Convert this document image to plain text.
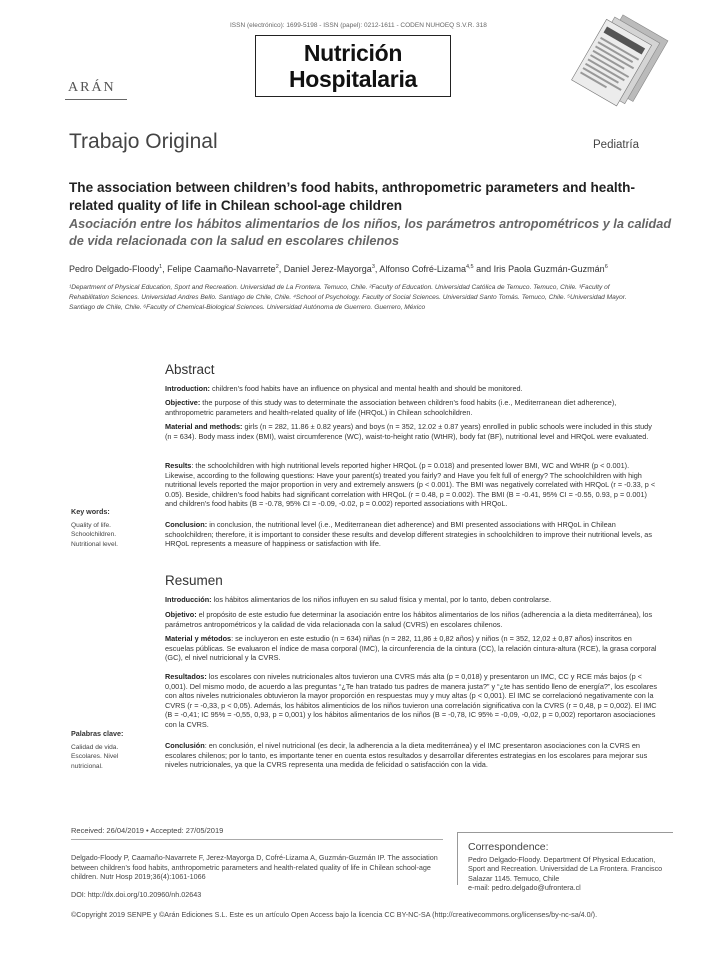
ISSN (electrónico): 1699-5198 - ISSN (papel): 0212-1611 - CODEN NUHOEQ S.V.R. 318
Nutrición
Hospitalaria
ARÁN
Trabajo Original	Pediatría
The association between children’s food habits, anthropometric parameters and health-related quality of life in Chilean school-age children
Asociación entre los hábitos alimentarios de los niños, los parámetros antropométricos y la calidad de vida relacionada con la salud en escolares chilenos
Pedro Delgado-Floody$^1$, Felipe Caamaño-Navarrete$^2$, Daniel Jerez-Mayorga$^3$, Alfonso Cofré-Lizama$^{4,5}$ and Iris Paola Guzmán-Guzmán$^6$
¹Department of Physical Education, Sport and Recreation. Universidad de La Frontera. Temuco, Chile. ²Faculty of Education. Universidad Católica de Temuco. Temuco, Chile. ³Faculty of Rehabilitation Sciences. Universidad Andres Bello. Santiago de Chile, Chile. ⁴School of Psychology. Faculty of Social Sciences. Universidad Santo Tomás. Temuco, Chile. ⁵Universidad Mayor. Santiago de Chile, Chile. ⁶Faculty of Chemical-Biological Sciences. Universidad Autónoma de Guerrero. Guerrero, México
Abstract
Introduction: children’s food habits have an influence on physical and mental health and should be monitored.
Objective: the purpose of this study was to determinate the association between children’s food habits (i.e., Mediterranean diet adherence), anthropometric parameters and health-related quality of life (HRQoL) in Chilean schoolchildren.
Material and methods: girls (n = 282, 11.86 ± 0.82 years) and boys (n = 352, 12.02 ± 0.87 years) enrolled in public schools were included in this study (n = 634). Body mass index (BMI), waist circumference (WC), waist-to-height ratio (WtHR), body fat (BF), nutritional level and HRQoL were evaluated.
Results: the schoolchildren with high nutritional levels reported higher HRQoL (p = 0.018) and presented lower BMI, WC and WtHR (p < 0.001). Likewise, according to the following questions: Have your parent(s) treated you fairly? and Have you felt full of energy? The schoolchildren with high nutritional levels reported the major proportion in very and extremely answers (p < 0.001). The BMI was negatively correlated with HRQoL (r = -0.33, p < 0.05). Beside, children’s food habits had significant correlation with HRQoL (r = 0.48, p = 0.002). The BMI (B = -0.41, 95% CI = -0.55, 0.93, p = 0.001) and children’s food habits (B = -0.78, 95% CI = -0.09, -0.02, p = 0.002) reported associations with HRQoL.
Conclusion: in conclusion, the nutritional level (i.e., Mediterranean diet adherence) and BMI presented associations with HRQoL in Chilean schoolchildren; therefore, it is important to consider these results and develop different strategies in schoolchildren to improve their nutritional levels, as HRQoL represents a measure of happiness or satisfaction with life.
Key words:
Quality of life.
Schoolchildren.
Nutritional level.
Resumen
Introducción: los hábitos alimentarios de los niños influyen en su salud física y mental, por lo tanto, deben controlarse.
Objetivo: el propósito de este estudio fue determinar la asociación entre los hábitos alimentarios de los niños (adherencia a la dieta mediterránea), los parámetros antropométricos y la calidad de vida relacionada con la salud (CVRS) en escolares chilenos.
Material y métodos: se incluyeron en este estudio (n = 634) niñas (n = 282, 11,86 ± 0,82 años) y niños (n = 352, 12,02 ± 0,87 años) inscritos en escuelas públicas. Se evaluaron el índice de masa corporal (IMC), la circunferencia de la cintura (CC), la relación cintura-altura (RCE), la grasa corporal (GC), el nivel nutricional y la CVRS.
Resultados: los escolares con niveles nutricionales altos tuvieron una CVRS más alta (p = 0,018) y presentaron un IMC, CC y RCE más bajos (p < 0,001). Del mismo modo, de acuerdo a las preguntas “¿Te han tratado tus padres de manera justa?” y “¿te has sentido lleno de energía?”, los escolares con altos niveles nutricionales obtuvieron la mayor proporción en respuestas muy y muy altas (p < 0,001). El IMC se correlacionó negativamente con la CVRS (r = -0,33, p < 0,05). Además, los hábitos alimenticios de los niños tuvieron una correlación significativa con la CVRS (r = 0,48, p = 0,002). El IMC (B = -0,41; IC 95% = -0,55, 0,93, p = 0,001) y los hábitos alimentarios de los niños (B = -0,78, IC 95% = -0,09, -0,02, p = 0,002) reportaron asociaciones con la CVRS.
Conclusión: en conclusión, el nivel nutricional (es decir, la adherencia a la dieta mediterránea) y el IMC presentaron asociaciones con la CVRS en escolares chilenos; por lo tanto, es importante tener en cuenta estos resultados y desarrollar diferentes estrategias en los escolares para mejorar sus niveles nutricionales, ya que la CVRS representa una medida de felicidad o satisfacción con la vida.
Palabras clave:
Calidad de vida.
Escolares. Nivel
nutricional.
Received: 26/04/2019 • Accepted: 27/05/2019
Delgado-Floody P, Caamaño-Navarrete F, Jerez-Mayorga D, Cofré-Lizama A, Guzmán-Guzmán IP. The association between children’s food habits, anthropometric parameters and health-related quality of life in Chilean school-age children. Nutr Hosp 2019;36(4):1061-1066
DOI: http://dx.doi.org/10.20960/nh.02643
Correspondence:
Pedro Delgado-Floody. Department Of Physical Education, Sport and Recreation. Universidad de La Frontera. Francisco Salazar 1145. Temuco, Chile
e-mail: pedro.delgado@ufrontera.cl
©Copyright 2019 SENPE y ©Arán Ediciones S.L. Este es un artículo Open Access bajo la licencia CC BY-NC-SA (http://creativecommons.org/licenses/by-nc-sa/4.0/).
